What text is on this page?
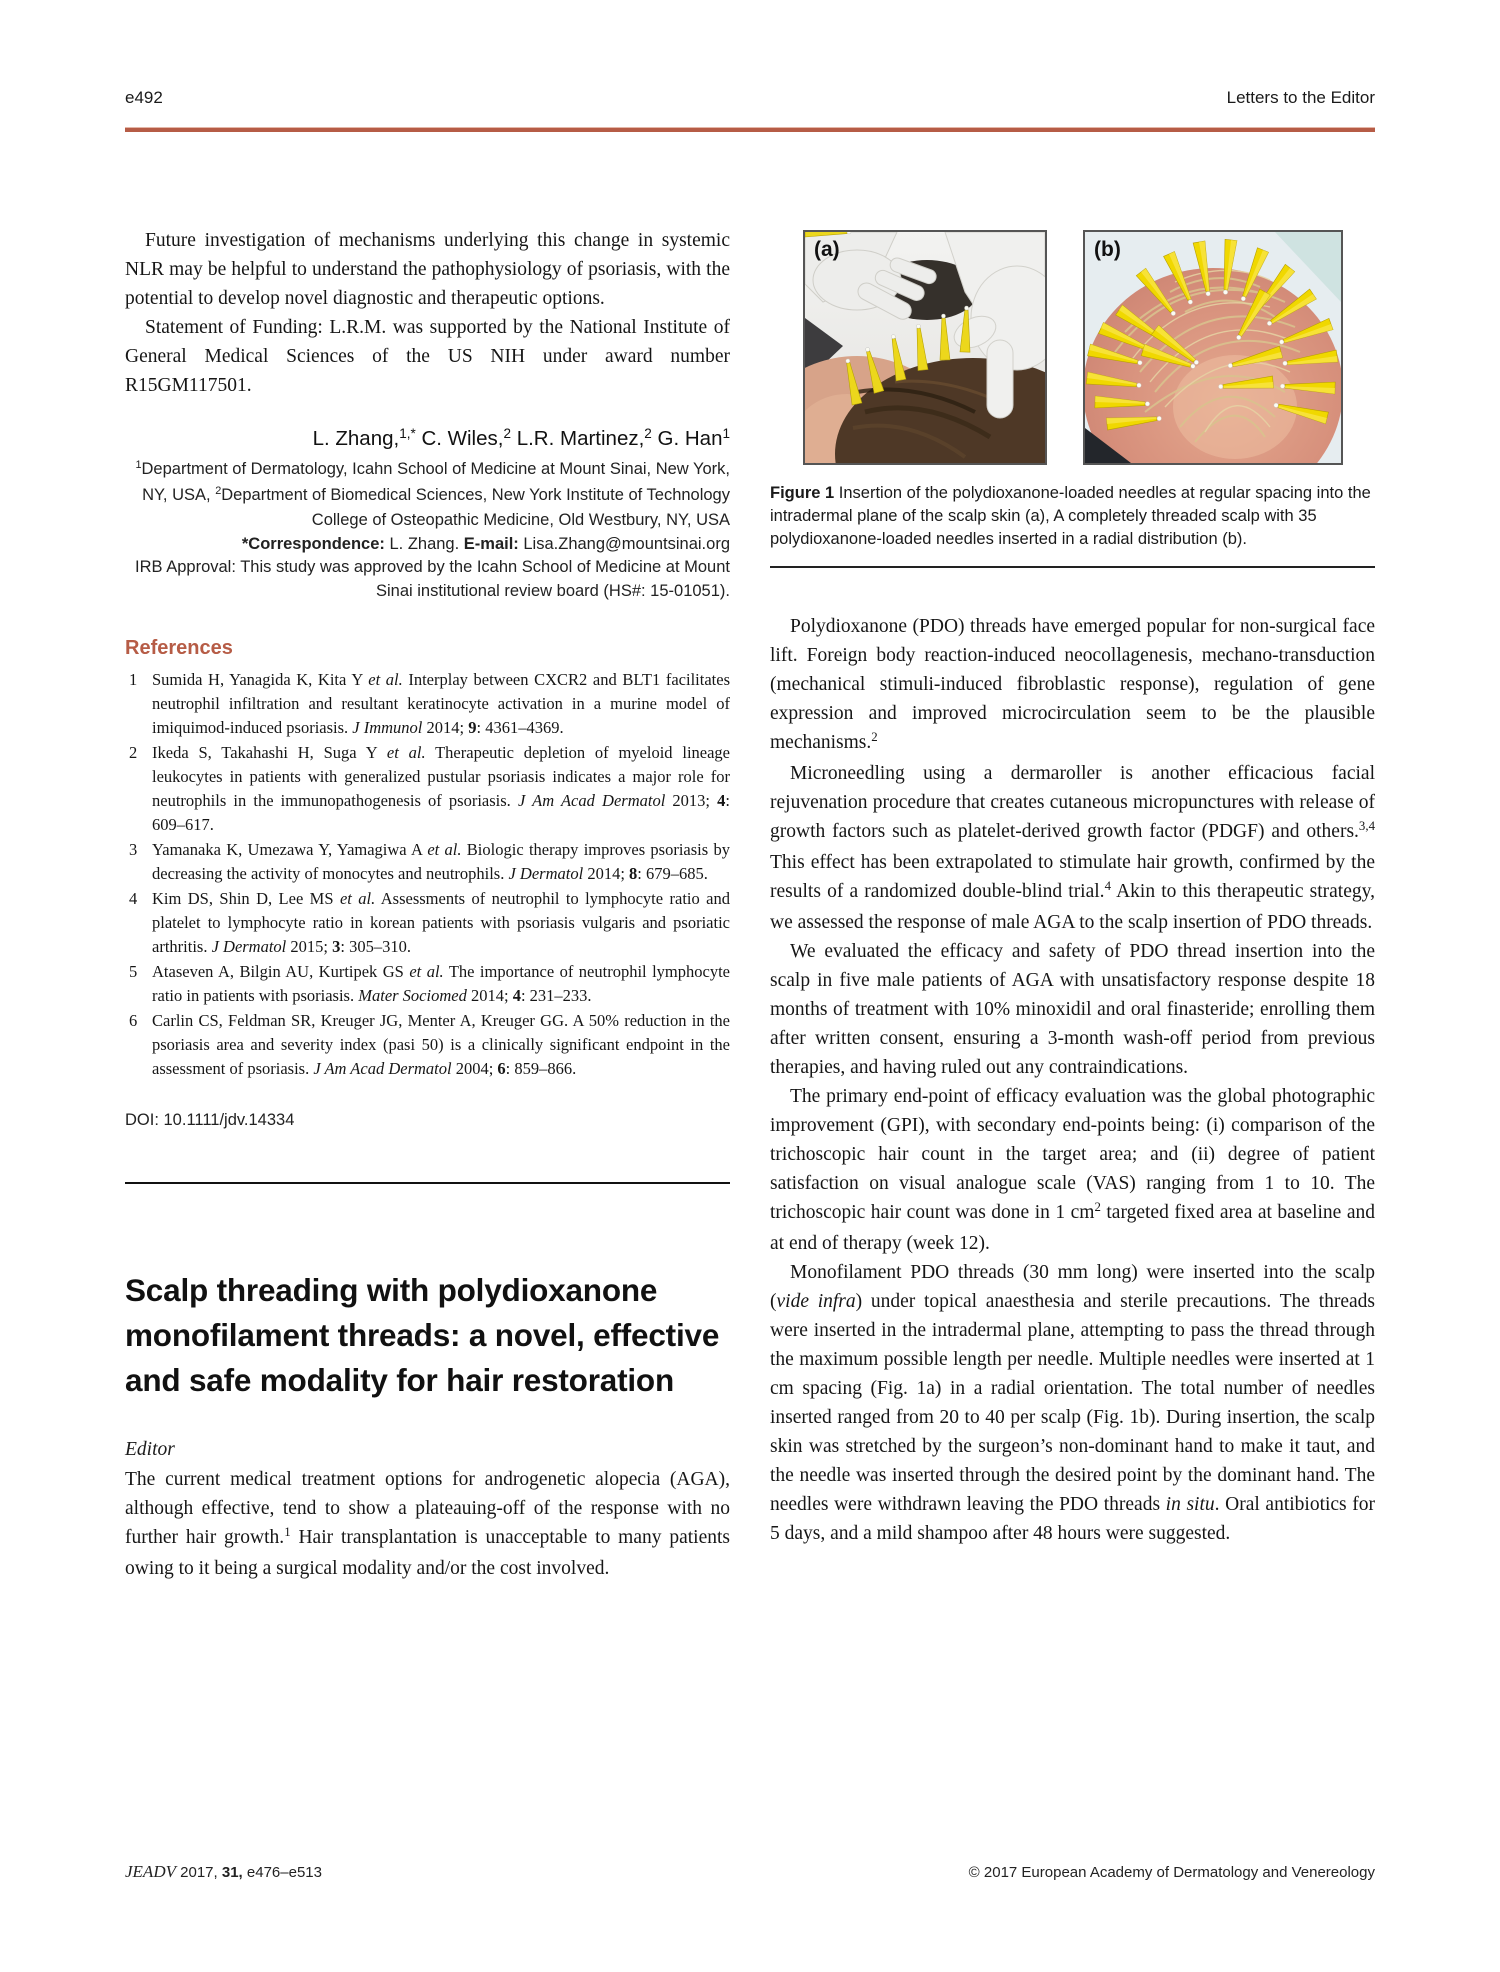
e492	Letters to the Editor

Future investigation of mechanisms underlying this change in systemic NLR may be helpful to understand the pathophysiology of psoriasis, with the potential to develop novel diagnostic and therapeutic options.

Statement of Funding: L.R.M. was supported by the National Institute of General Medical Sciences of the US NIH under award number R15GM117501.

L. Zhang,$^{1,*}$ C. Wiles,$^2$ L.R. Martinez,$^2$ G. Han$^1$

$^1$Department of Dermatology, Icahn School of Medicine at Mount Sinai, New York, NY, USA, $^2$Department of Biomedical Sciences, New York Institute of Technology College of Osteopathic Medicine, Old Westbury, NY, USA

*Correspondence: L. Zhang. E-mail: Lisa.Zhang@mountsinai.org

IRB Approval: This study was approved by the Icahn School of Medicine at Mount Sinai institutional review board (HS#: 15-01051).

References
Sumida H, Yanagida K, Kita Y et al. Interplay between CXCR2 and BLT1 facilitates neutrophil infiltration and resultant keratinocyte activation in a murine model of imiquimod-induced psoriasis. J Immunol 2014; 9: 4361–4369.
Ikeda S, Takahashi H, Suga Y et al. Therapeutic depletion of myeloid lineage leukocytes in patients with generalized pustular psoriasis indicates a major role for neutrophils in the immunopathogenesis of psoriasis. J Am Acad Dermatol 2013; 4: 609–617.
Yamanaka K, Umezawa Y, Yamagiwa A et al. Biologic therapy improves psoriasis by decreasing the activity of monocytes and neutrophils. J Dermatol 2014; 8: 679–685.
Kim DS, Shin D, Lee MS et al. Assessments of neutrophil to lymphocyte ratio and platelet to lymphocyte ratio in korean patients with psoriasis vulgaris and psoriatic arthritis. J Dermatol 2015; 3: 305–310.
Ataseven A, Bilgin AU, Kurtipek GS et al. The importance of neutrophil lymphocyte ratio in patients with psoriasis. Mater Sociomed 2014; 4: 231–233.
Carlin CS, Feldman SR, Kreuger JG, Menter A, Kreuger GG. A 50% reduction in the psoriasis area and severity index (pasi 50) is a clinically significant endpoint in the assessment of psoriasis. J Am Acad Dermatol 2004; 6: 859–866.

DOI: 10.1111/jdv.14334

Scalp threading with polydioxanone monofilament threads: a novel, effective and safe modality for hair restoration

Editor

The current medical treatment options for androgenetic alopecia (AGA), although effective, tend to show a plateauing-off of the response with no further hair growth.$^1$ Hair transplantation is unacceptable to many patients owing to it being a surgical modality and/or the cost involved.

(a)	(b)
Figure 1 Insertion of the polydioxanone-loaded needles at regular spacing into the intradermal plane of the scalp skin (a), A completely threaded scalp with 35 polydioxanone-loaded needles inserted in a radial distribution (b).

Polydioxanone (PDO) threads have emerged popular for non-surgical face lift. Foreign body reaction-induced neocollagenesis, mechano-transduction (mechanical stimuli-induced fibroblastic response), regulation of gene expression and improved microcirculation seem to be the plausible mechanisms.$^2$

Microneedling using a dermaroller is another efficacious facial rejuvenation procedure that creates cutaneous micropunctures with release of growth factors such as platelet-derived growth factor (PDGF) and others.$^{3,4}$ This effect has been extrapolated to stimulate hair growth, confirmed by the results of a randomized double-blind trial.$^4$ Akin to this therapeutic strategy, we assessed the response of male AGA to the scalp insertion of PDO threads.

We evaluated the efficacy and safety of PDO thread insertion into the scalp in five male patients of AGA with unsatisfactory response despite 18 months of treatment with 10% minoxidil and oral finasteride; enrolling them after written consent, ensuring a 3-month wash-off period from previous therapies, and having ruled out any contraindications.

The primary end-point of efficacy evaluation was the global photographic improvement (GPI), with secondary end-points being: (i) comparison of the trichoscopic hair count in the target area; and (ii) degree of patient satisfaction on visual analogue scale (VAS) ranging from 1 to 10. The trichoscopic hair count was done in 1 $cm^2$ targeted fixed area at baseline and at end of therapy (week 12).

Monofilament PDO threads (30 mm long) were inserted into the scalp (vide infra) under topical anaesthesia and sterile precautions. The threads were inserted in the intradermal plane, attempting to pass the thread through the maximum possible length per needle. Multiple needles were inserted at 1 cm spacing (Fig. 1a) in a radial orientation. The total number of needles inserted ranged from 20 to 40 per scalp (Fig. 1b). During insertion, the scalp skin was stretched by the surgeon’s non-dominant hand to make it taut, and the needle was inserted through the desired point by the dominant hand. The needles were withdrawn leaving the PDO threads in situ. Oral antibiotics for 5 days, and a mild shampoo after 48 hours were suggested.

JEADV 2017, 31, e476–e513	© 2017 European Academy of Dermatology and Venereology
